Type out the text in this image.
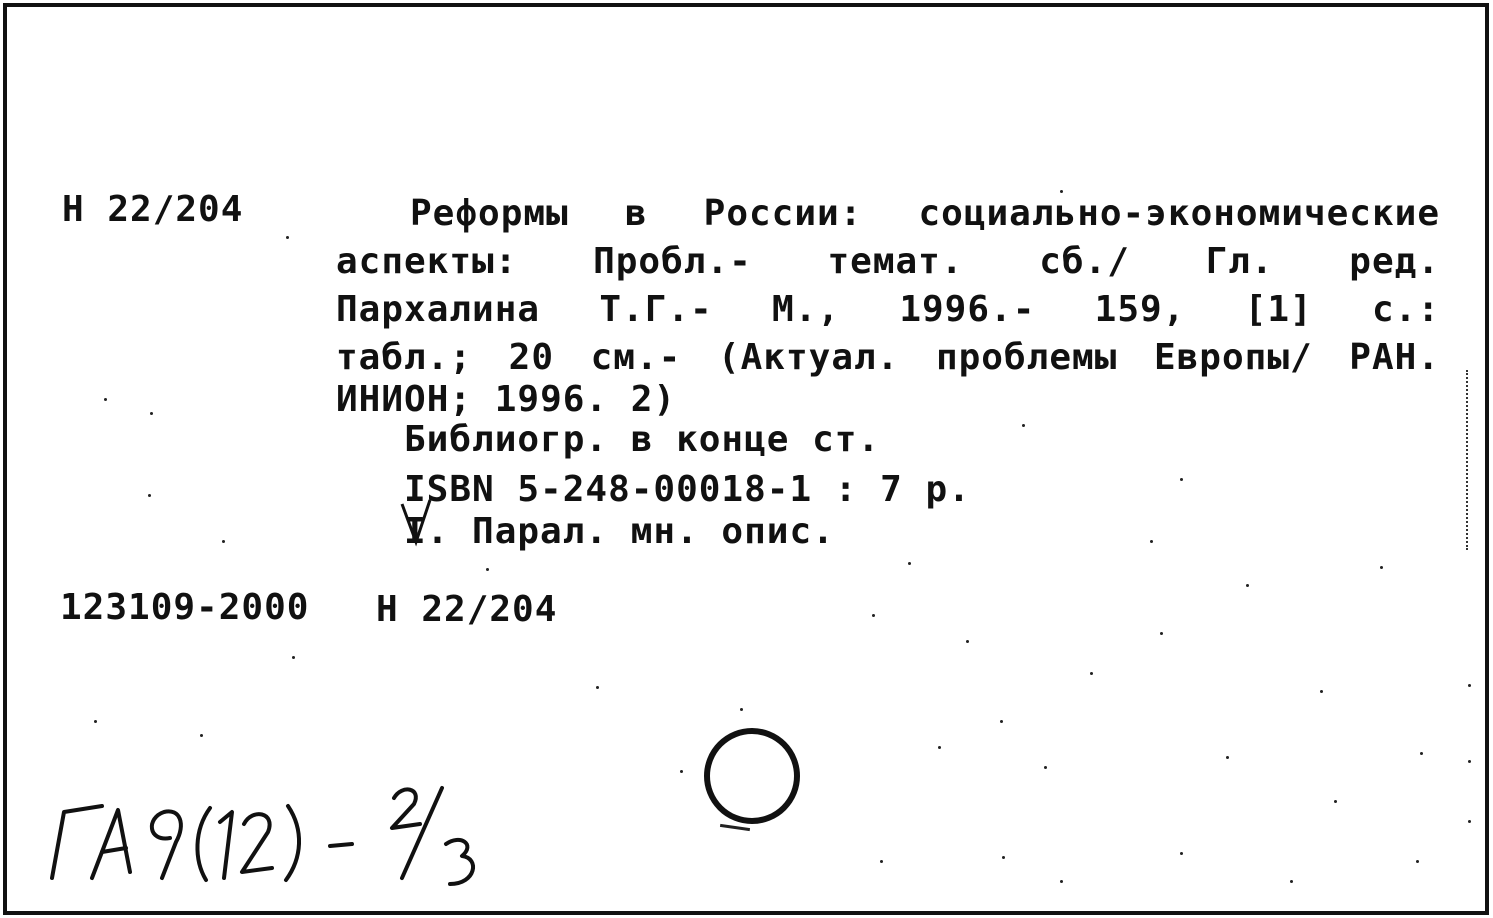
Н 22/204	Реформы в России: социально-экономические
аспекты: Пробл.- темат. сб./ Гл. ред.
Пархалина Т.Г.- М., 1996.- 159, [1] с.:
табл.; 20 см.- (Актуал. проблемы Европы/ РАН.
ИНИОН; 1996. 2)
Библиогр. в конце ст.
ISBN 5-248-00018-1 : 7 р.
I. Парал. мн. опис.
123109-2000 Н 22/204
